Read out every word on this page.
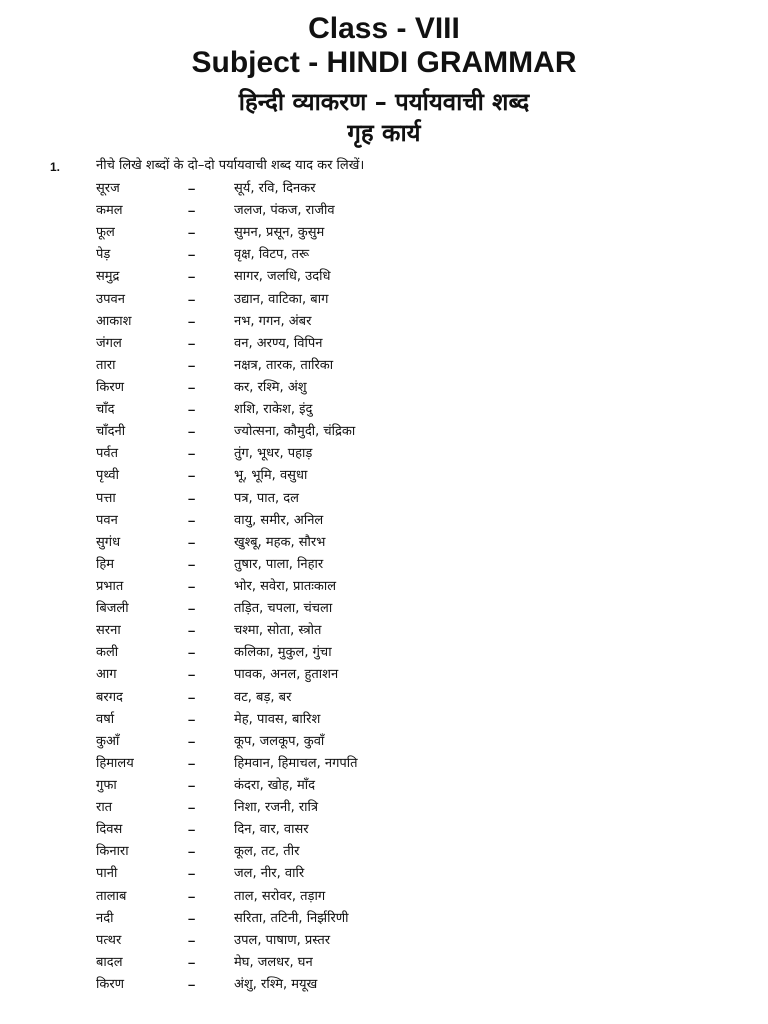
Class - VIII
Subject - HINDI GRAMMAR
हिन्दी व्याकरण – पर्यायवाची शब्द
गृह कार्य
1.	नीचे लिखे शब्दों के दो–दो पर्यायवाची शब्द याद कर लिखें।
सूरज	–	सूर्य, रवि, दिनकर
कमल	–	जलज, पंकज, राजीव
फूल	–	सुमन, प्रसून, कुसुम
पेड़	–	वृक्ष, विटप, तरू
समुद्र	–	सागर, जलधि, उदधि
उपवन	–	उद्यान, वाटिका, बाग
आकाश	–	नभ, गगन, अंबर
जंगल	–	वन, अरण्य, विपिन
तारा	–	नक्षत्र, तारक, तारिका
किरण	–	कर, रश्मि, अंशु
चाँद	–	शशि, राकेश, इंदु
चाँदनी	–	ज्योत्सना, कौमुदी, चंद्रिका
पर्वत	–	तुंग, भूधर, पहाड़
पृथ्वी	–	भू, भूमि, वसुधा
पत्ता	–	पत्र, पात, दल
पवन	–	वायु, समीर, अनिल
सुगंध	–	खुश्बू, महक, सौरभ
हिम	–	तुषार, पाला, निहार
प्रभात	–	भोर, सवेरा, प्रातःकाल
बिजली	–	तड़ित, चपला, चंचला
सरना	–	चश्मा, सोता, स्त्रोत
कली	–	कलिका, मुकुल, गुंचा
आग	–	पावक, अनल, हुताशन
बरगद	–	वट, बड़, बर
वर्षा	–	मेह, पावस, बारिश
कुआँ	–	कूप, जलकूप, कुवाँ
हिमालय	–	हिमवान, हिमाचल, नगपति
गुफा	–	कंदरा, खोह, माँद
रात	–	निशा, रजनी, रात्रि
दिवस	–	दिन, वार, वासर
किनारा	–	कूल, तट, तीर
पानी	–	जल, नीर, वारि
तालाब	–	ताल, सरोवर, तड़ाग
नदी	–	सरिता, तटिनी, निर्झरिणी
पत्थर	–	उपल, पाषाण, प्रस्तर
बादल	–	मेघ, जलधर, घन
किरण	–	अंशु, रश्मि, मयूख
